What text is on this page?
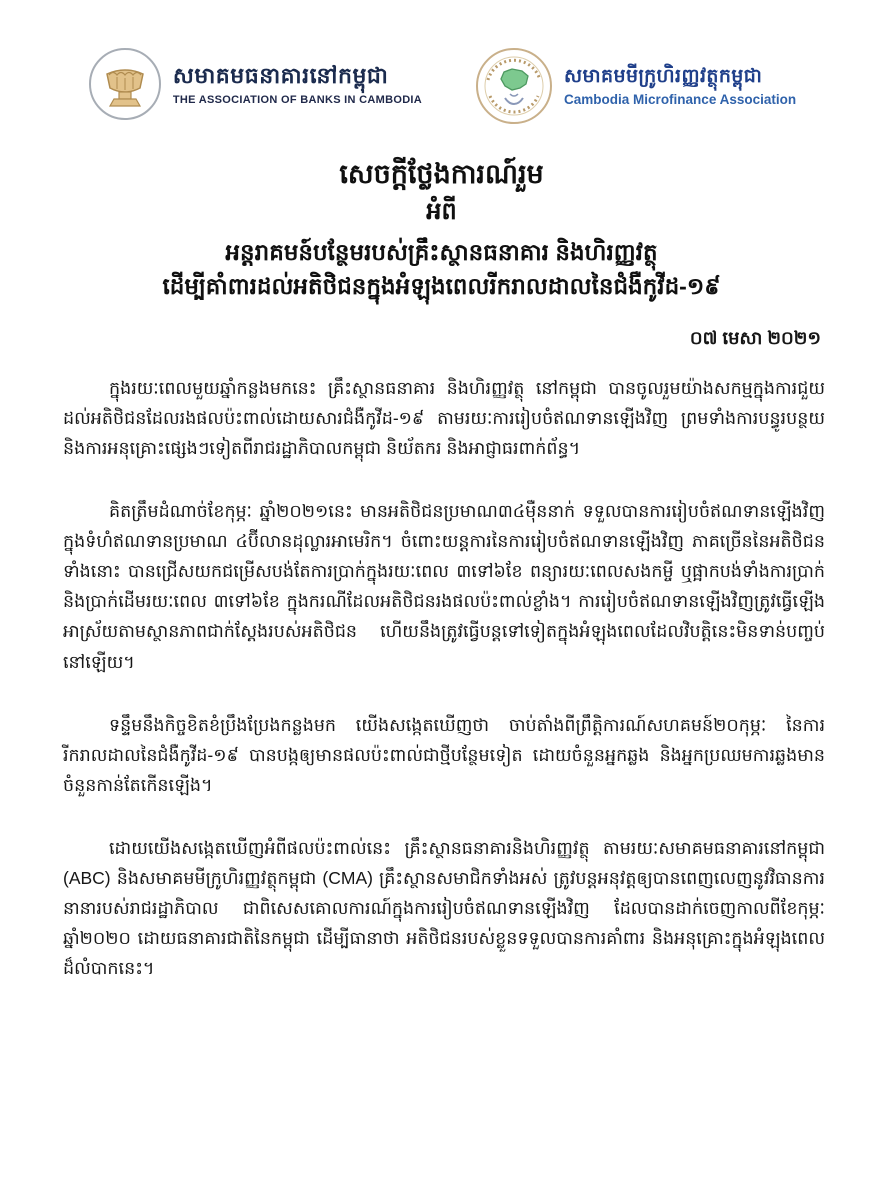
សមាគមធនាគារនៅកម្ពុជា
THE ASSOCIATION OF BANKS IN CAMBODIA
សមាគមមីក្រូហិរញ្ញវត្ថុកម្ពុជា
Cambodia Microfinance Association
សេចក្តីថ្លែងការណ៍រួម
អំពី
អន្តរាគមន៍បន្ថែមរបស់គ្រឹះស្ថានធនាគារ និងហិរញ្ញវត្ថុ
ដើម្បីគាំពារដល់អតិថិជនក្នុងអំឡុងពេលរីករាលដាលនៃជំងឺកូវីដ-១៩
០៧ មេសា ២០២១

ក្នុងរយៈពេលមួយឆ្នាំកន្លងមកនេះ គ្រឹះស្ថានធនាគារ និងហិរញ្ញវត្ថុ នៅកម្ពុជា បានចូលរួមយ៉ាងសកម្មក្នុងការជួយដល់អតិថិជនដែលរងផលប៉ះពាល់ដោយសារជំងឺកូវីដ-១៩ តាមរយៈការរៀបចំឥណទានឡើងវិញ ព្រមទាំងការបន្ធូរបន្ថយ និងការអនុគ្រោះផ្សេងៗទៀតពីរាជរដ្ឋាភិបាលកម្ពុជា និយ័តករ និងអាជ្ញាធរពាក់ព័ន្ធ។

គិតត្រឹមដំណាច់ខែកុម្ភៈ ឆ្នាំ២០២១នេះ មានអតិថិជនប្រមាណ៣៤ម៉ឺននាក់ ទទួលបានការរៀបចំឥណទានឡើងវិញ ក្នុងទំហំឥណទានប្រមាណ ៤ប៊ីលានដុល្លារអាមេរិក។ ចំពោះយន្តការនៃការរៀបចំឥណទានឡើងវិញ ភាគច្រើននៃអតិថិជនទាំងនោះ បានជ្រើសយកជម្រើសបង់តែការប្រាក់ក្នុងរយៈពេល ៣ទៅ៦ខែ ពន្យារយៈពេលសងកម្ចី ឬផ្អាកបង់ទាំងការប្រាក់ និងប្រាក់ដើមរយៈពេល ៣ទៅ៦ខែ ក្នុងករណីដែលអតិថិជនរងផលប៉ះពាល់ខ្លាំង។ ការរៀបចំឥណទានឡើងវិញត្រូវធ្វើឡើង អាស្រ័យតាមស្ថានភាពជាក់ស្តែងរបស់អតិថិជន ហើយនឹងត្រូវធ្វើបន្តទៅទៀតក្នុងអំឡុងពេលដែលវិបត្តិនេះមិនទាន់បញ្ចប់នៅឡើយ។

ទន្ទឹមនឹងកិច្ចខិតខំប្រឹងប្រែងកន្លងមក យើងសង្កេតឃើញថា ចាប់តាំងពីព្រឹត្តិការណ៍សហគមន៍២០កុម្ភៈ នៃការរីករាលដាលនៃជំងឺកូវីដ-១៩ បានបង្កឲ្យមានផលប៉ះពាល់ជាថ្មីបន្ថែមទៀត ដោយចំនួនអ្នកឆ្លង និងអ្នកប្រឈមការឆ្លងមានចំនួនកាន់តែកើនឡើង។

ដោយយើងសង្កេតឃើញអំពីផលប៉ះពាល់នេះ គ្រឹះស្ថានធនាគារនិងហិរញ្ញវត្ថុ តាមរយៈសមាគមធនាគារនៅកម្ពុជា (ABC) និងសមាគមមីក្រូហិរញ្ញវត្ថុកម្ពុជា (CMA) គ្រឹះស្ថានសមាជិកទាំងអស់ ត្រូវបន្តអនុវត្តឲ្យបានពេញលេញនូវវិធានការនានារបស់រាជរដ្ឋាភិបាល ជាពិសេសគោលការណ៍ក្នុងការរៀបចំឥណទានឡើងវិញ ដែលបានដាក់ចេញកាលពីខែកុម្ភៈ ឆ្នាំ២០២០ ដោយធនាគារជាតិនៃកម្ពុជា ដើម្បីធានាថា អតិថិជនរបស់ខ្លួនទទួលបានការគាំពារ និងអនុគ្រោះក្នុងអំឡុងពេលដ៏លំបាកនេះ។
